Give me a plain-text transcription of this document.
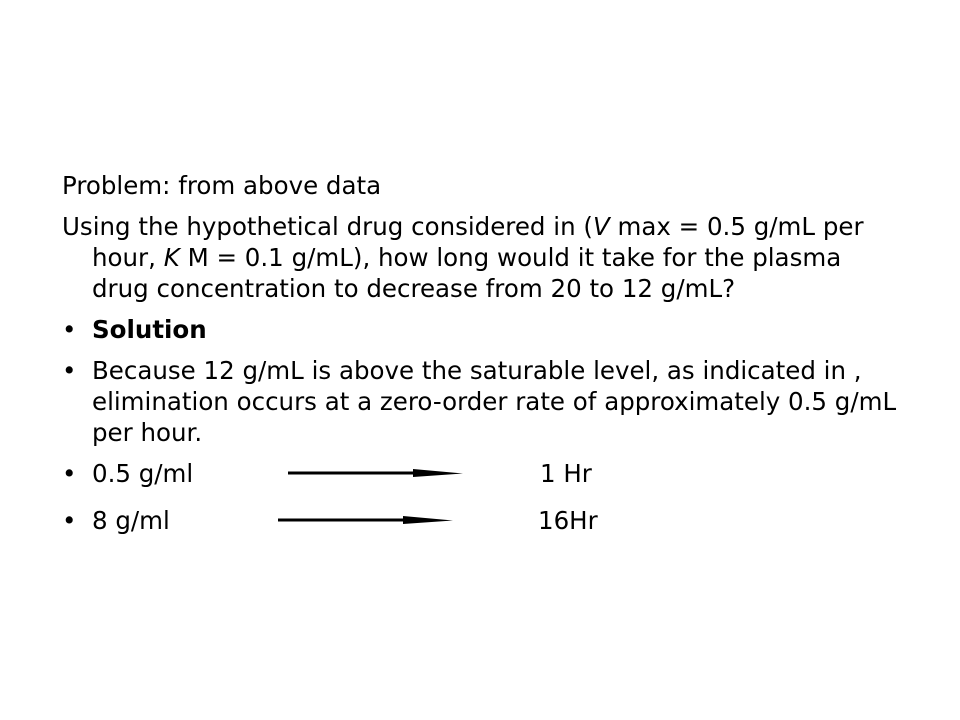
Problem: from above data

Using the hypothetical drug considered in (V max = 0.5 g/mL per hour, K M = 0.1 g/mL), how long would it take for the plasma drug concentration to decrease from 20 to 12 g/mL?

• Solution
• Because 12 g/mL is above the saturable level, as indicated in , elimination occurs at a zero-order rate of approximately 0.5 g/mL per hour.
• 0.5 g/ml	1 Hr
• 8 g/ml	16Hr
